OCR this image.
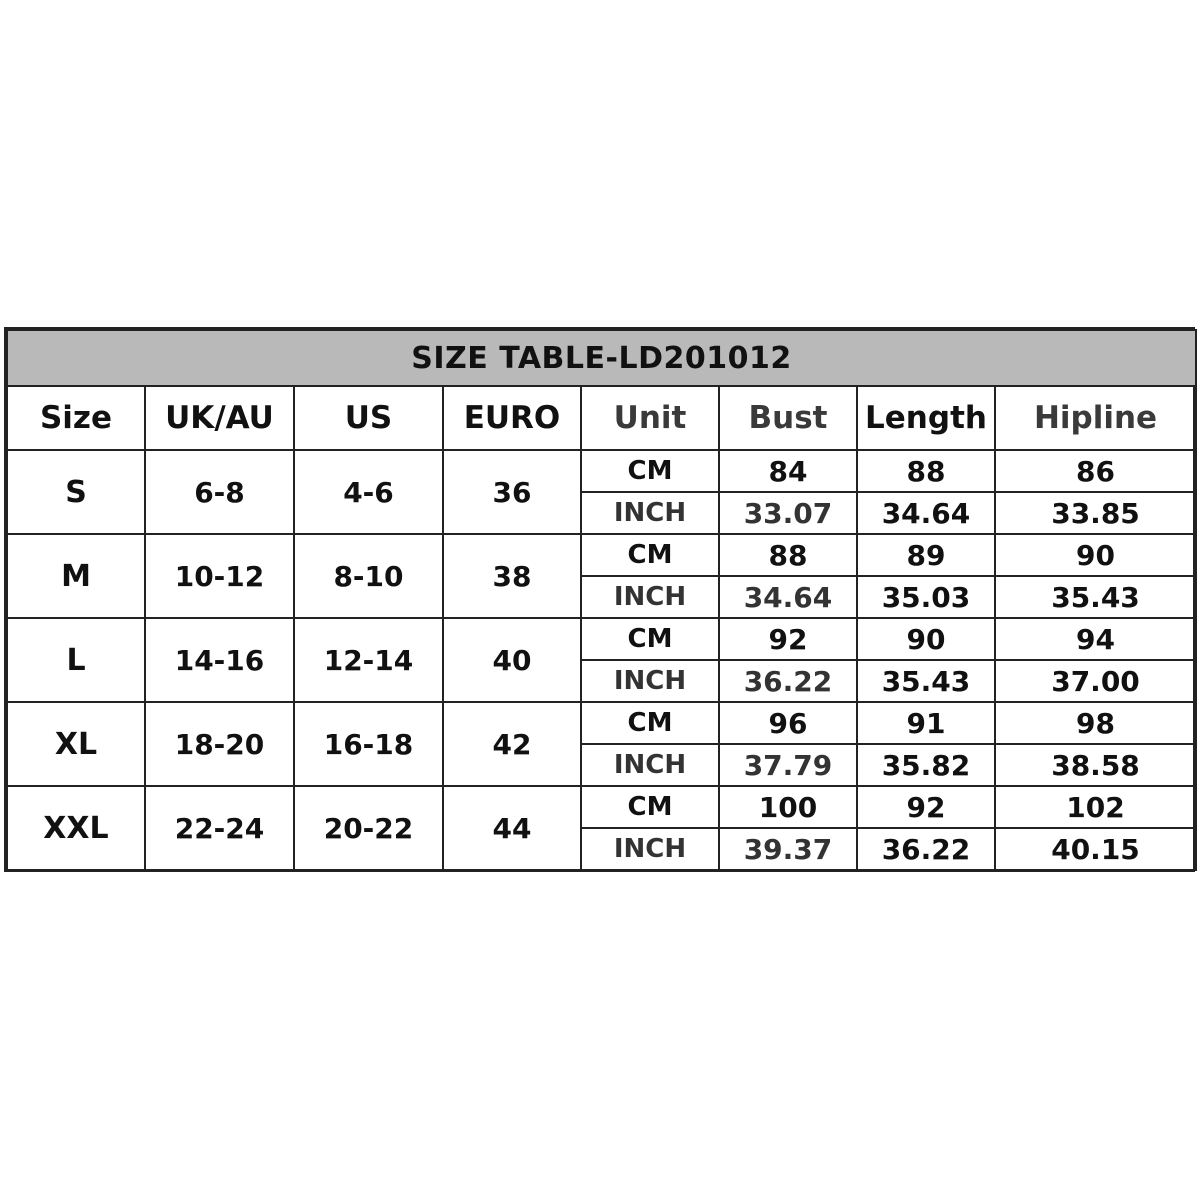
SIZE TABLE-LD201012							
Size	UK/AU	US	EURO	Unit	Bust	Length	Hipline
S	6-8	4-6	36	CM	84	88	86
				INCH	33.07	34.64	33.85
M	10-12	8-10	38	CM	88	89	90
				INCH	34.64	35.03	35.43
L	14-16	12-14	40	CM	92	90	94
				INCH	36.22	35.43	37.00
XL	18-20	16-18	42	CM	96	91	98
				INCH	37.79	35.82	38.58
XXL	22-24	20-22	44	CM	100	92	102
				INCH	39.37	36.22	40.15
